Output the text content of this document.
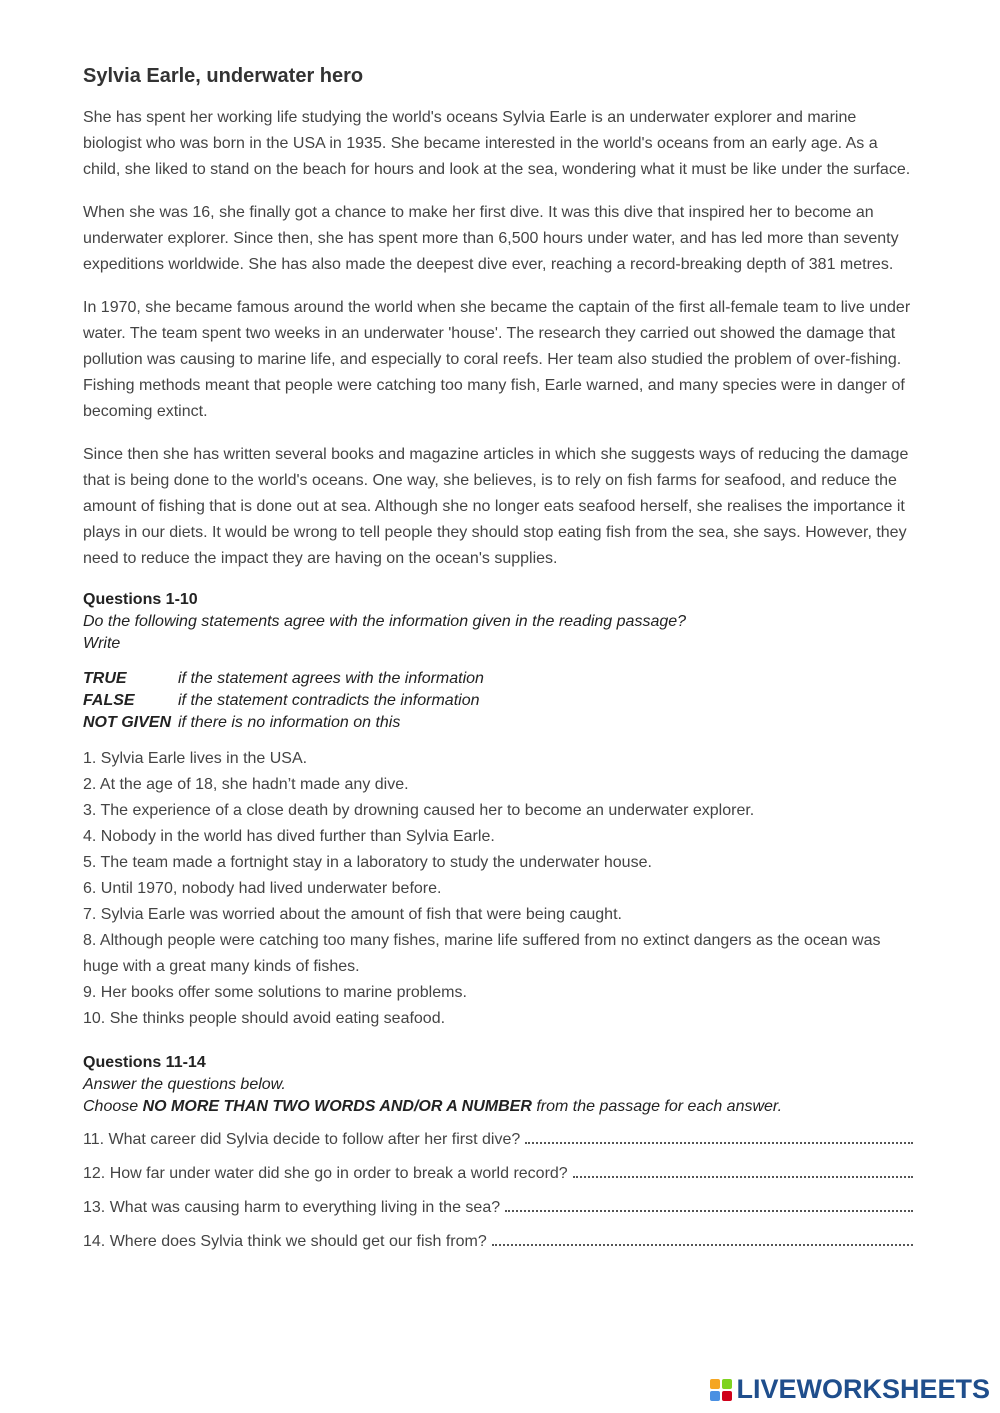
Sylvia Earle, underwater hero

She has spent her working life studying the world's oceans Sylvia Earle is an underwater explorer and marine biologist who was born in the USA in 1935. She became interested in the world's oceans from an early age. As a child, she liked to stand on the beach for hours and look at the sea, wondering what it must be like under the surface.

When she was 16, she finally got a chance to make her first dive. It was this dive that inspired her to become an underwater explorer. Since then, she has spent more than 6,500 hours under water, and has led more than seventy expeditions worldwide. She has also made the deepest dive ever, reaching a record-breaking depth of 381 metres.

In 1970, she became famous around the world when she became the captain of the first all-female team to live under water. The team spent two weeks in an underwater 'house'. The research they carried out showed the damage that pollution was causing to marine life, and especially to coral reefs. Her team also studied the problem of over-fishing. Fishing methods meant that people were catching too many fish, Earle warned, and many species were in danger of becoming extinct.

Since then she has written several books and magazine articles in which she suggests ways of reducing the damage that is being done to the world's oceans. One way, she believes, is to rely on fish farms for seafood, and reduce the amount of fishing that is done out at sea. Although she no longer eats seafood herself, she realises the importance it plays in our diets. It would be wrong to tell people they should stop eating fish from the sea, she says. However, they need to reduce the impact they are having on the ocean's supplies.

Questions 1-10

Do the following statements agree with the information given in the reading passage?

Write

TRUE	if the statement agrees with the information
FALSE	if the statement contradicts the information
NOT GIVEN if there is no information on this

1. Sylvia Earle lives in the USA.

2. At the age of 18, she hadn’t made any dive.

3. The experience of a close death by drowning caused her to become an underwater explorer.

4. Nobody in the world has dived further than Sylvia Earle.

5. The team made a fortnight stay in a laboratory to study the underwater house.

6. Until 1970, nobody had lived underwater before.

7. Sylvia Earle was worried about the amount of fish that were being caught.

8. Although people were catching too many fishes, marine life suffered from no extinct dangers as the ocean was huge with a great many kinds of fishes.

9. Her books offer some solutions to marine problems.

10. She thinks people should avoid eating seafood.

Questions 11-14

Answer the questions below.

Choose NO MORE THAN TWO WORDS AND/OR A NUMBER from the passage for each answer.

11. What career did Sylvia decide to follow after her first dive?
12. How far under water did she go in order to break a world record?
13. What was causing harm to everything living in the sea?
14. Where does Sylvia think we should get our fish from?
LIVEWORKSHEETS
